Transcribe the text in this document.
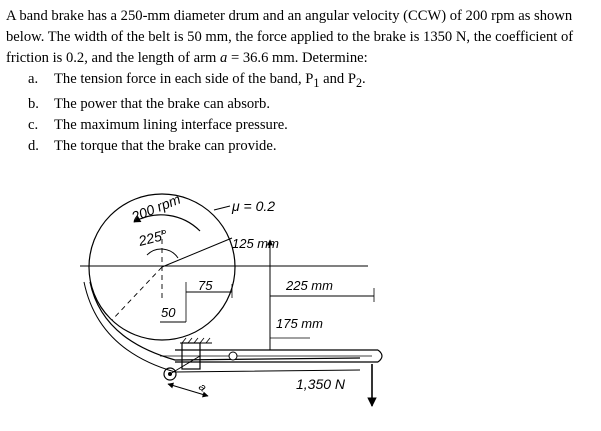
A band brake has a 250-mm diameter drum and an angular velocity (CCW) of 200 rpm as shown below. The width of the belt is 50 mm, the force applied to the brake is 1350 N, the coefficient of friction is 0.2, and the length of arm a = 36.6 mm. Determine:

a. The tension force in each side of the band, $P_1$ and $P_2$.
b. The power that the brake can absorb.
c. The maximum lining interface pressure.
d. The torque that the brake can provide.
a
200 rpm
225°
μ = 0.2
125 mm
75
50
225 mm
175 mm
1,350 N
